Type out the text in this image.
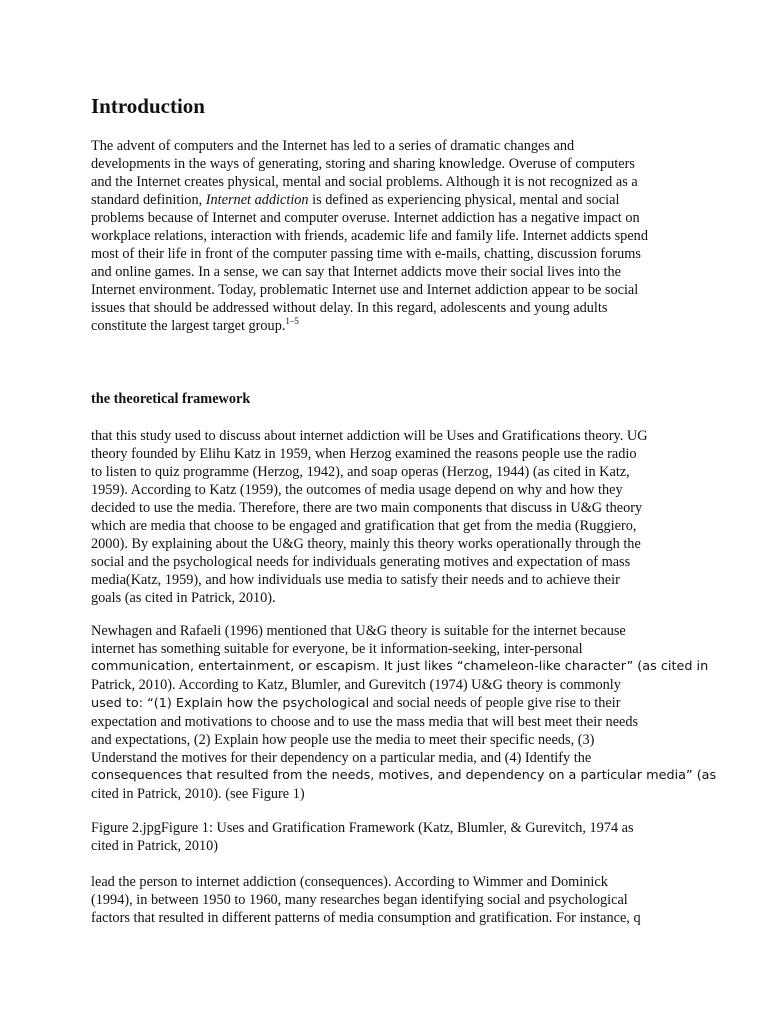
Introduction
The advent of computers and the Internet has led to a series of dramatic changes and
developments in the ways of generating, storing and sharing knowledge. Overuse of computers
and the Internet creates physical, mental and social problems. Although it is not recognized as a
standard definition, Internet addiction is defined as experiencing physical, mental and social
problems because of Internet and computer overuse. Internet addiction has a negative impact on
workplace relations, interaction with friends, academic life and family life. Internet addicts spend
most of their life in front of the computer passing time with e-mails, chatting, discussion forums
and online games. In a sense, we can say that Internet addicts move their social lives into the
Internet environment. Today, problematic Internet use and Internet addiction appear to be social
issues that should be addressed without delay. In this regard, adolescents and young adults
constitute the largest target group.$^{1-5}$
the theoretical framework
that this study used to discuss about internet addiction will be Uses and Gratifications theory. UG
theory founded by Elihu Katz in 1959, when Herzog examined the reasons people use the radio
to listen to quiz programme (Herzog, 1942), and soap operas (Herzog, 1944) (as cited in Katz,
1959). According to Katz (1959), the outcomes of media usage depend on why and how they
decided to use the media. Therefore, there are two main components that discuss in U&G theory
which are media that choose to be engaged and gratification that get from the media (Ruggiero,
2000). By explaining about the U&G theory, mainly this theory works operationally through the
social and the psychological needs for individuals generating motives and expectation of mass
media(Katz, 1959), and how individuals use media to satisfy their needs and to achieve their
goals (as cited in Patrick, 2010).
Newhagen and Rafaeli (1996) mentioned that U&G theory is suitable for the internet because
internet has something suitable for everyone, be it information-seeking, inter-personal
communication, entertainment, or escapism. It just likes “chameleon-like character” (as cited in
Patrick, 2010). According to Katz, Blumler, and Gurevitch (1974) U&G theory is commonly
used to: “(1) Explain how the psychological and social needs of people give rise to their
expectation and motivations to choose and to use the mass media that will best meet their needs
and expectations, (2) Explain how people use the media to meet their specific needs, (3)
Understand the motives for their dependency on a particular media, and (4) Identify the
consequences that resulted from the needs, motives, and dependency on a particular media” (as
cited in Patrick, 2010). (see Figure 1)
Figure 2.jpgFigure 1: Uses and Gratification Framework (Katz, Blumler, & Gurevitch, 1974 as
cited in Patrick, 2010)
lead the person to internet addiction (consequences). According to Wimmer and Dominick
(1994), in between 1950 to 1960, many researches began identifying social and psychological
factors that resulted in different patterns of media consumption and gratification. For instance, q
